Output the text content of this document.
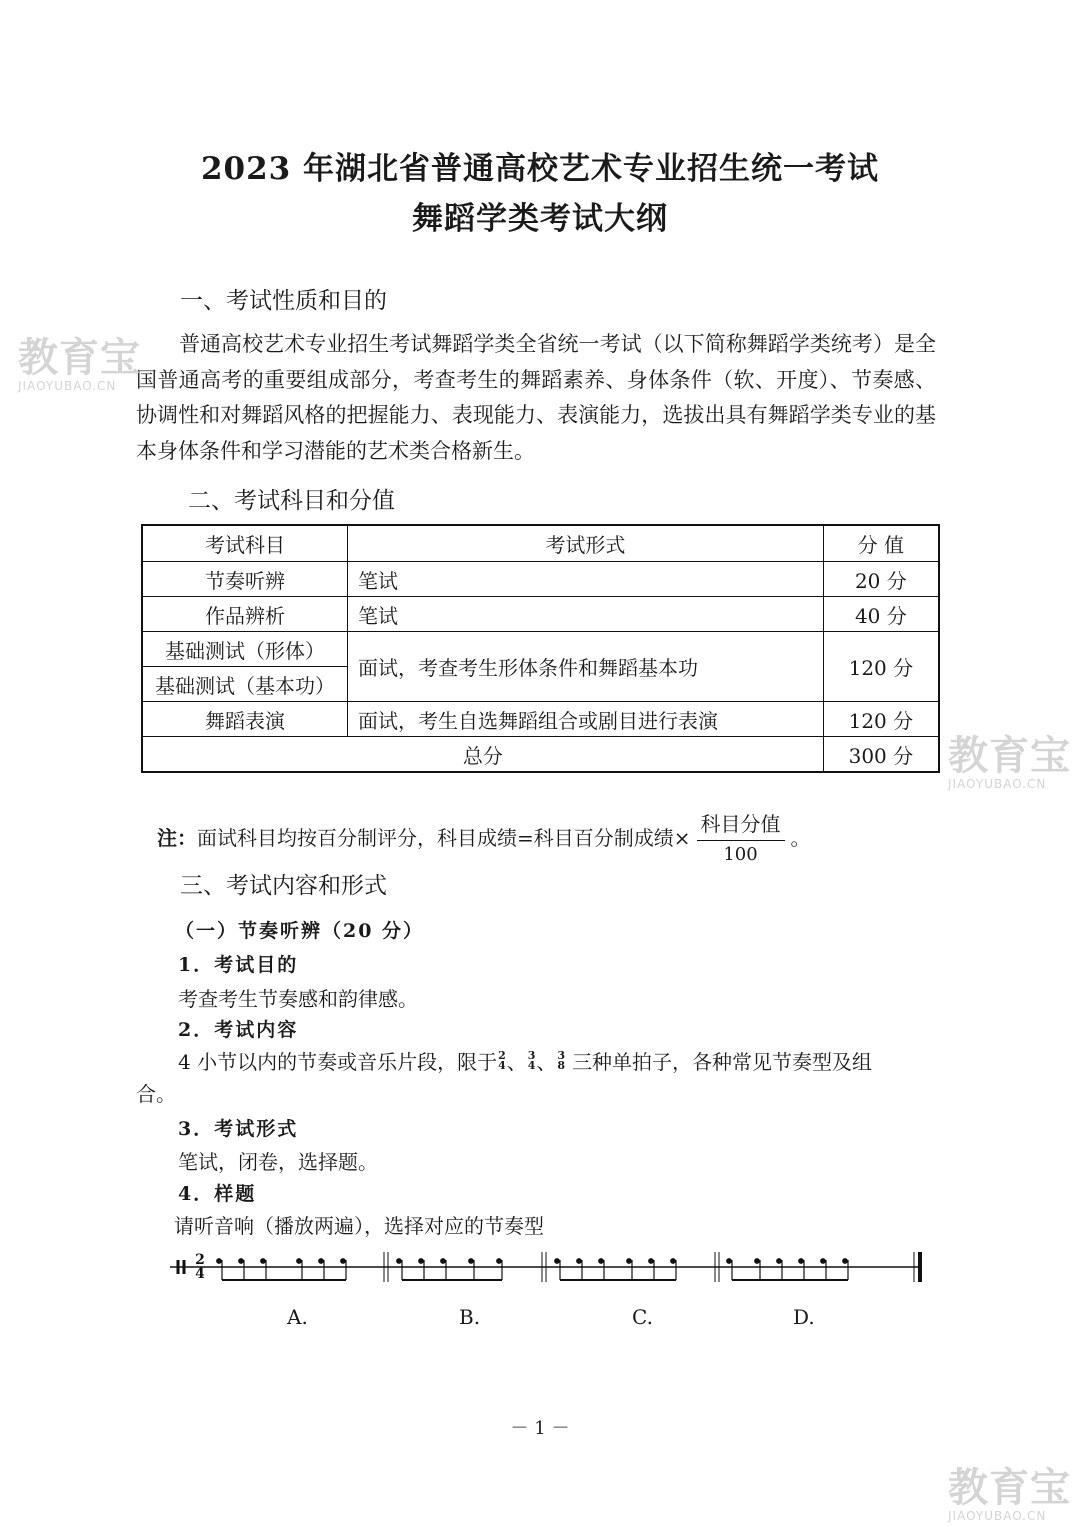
2023 年湖北省普通高校艺术专业招生统一考试
舞蹈学类考试大纲
一、考试性质和目的
普通高校艺术专业招生考试舞蹈学类全省统一考试（以下简称舞蹈学类统考）是全国普通高考的重要组成部分，考查考生的舞蹈素养、身体条件（软、开度）、节奏感、协调性和对舞蹈风格的把握能力、表现能力、表演能力，选拔出具有舞蹈学类专业的基本身体条件和学习潜能的艺术类合格新生。
二、考试科目和分值
考试科目	考试形式	分 值
节奏听辨	笔试	20 分
作品辨析	笔试	40 分
基础测试（形体）	面试，考查考生形体条件和舞蹈基本功	120 分
基础测试（基本功）		
舞蹈表演	面试，考生自选舞蹈组合或剧目进行表演	120 分
总分		300 分
注： 面试科目均按百分制评分，科目成绩=科目百分制成绩× $\frac{\text{科目分值}}{100}$ 。
三、考试内容和形式
（一）节奏听辨（20 分）
1．考试目的
考查考生节奏感和韵律感。
2．考试内容
4 小节以内的节奏或音乐片段，限于 2
4 、 3
4 、 3
8 三种单拍子，各种常见节奏型及组
合。
3．考试形式
笔试，闭卷，选择题。
4．样题
请听音响（播放两遍），选择对应的节奏型
2
4
A.	B.	C.	D.
－ 1 －
教育宝
JIAOYUBAO.CN
教育宝
JIAOYUBAO.CN
教育宝
JIAOYUBAO.CN
